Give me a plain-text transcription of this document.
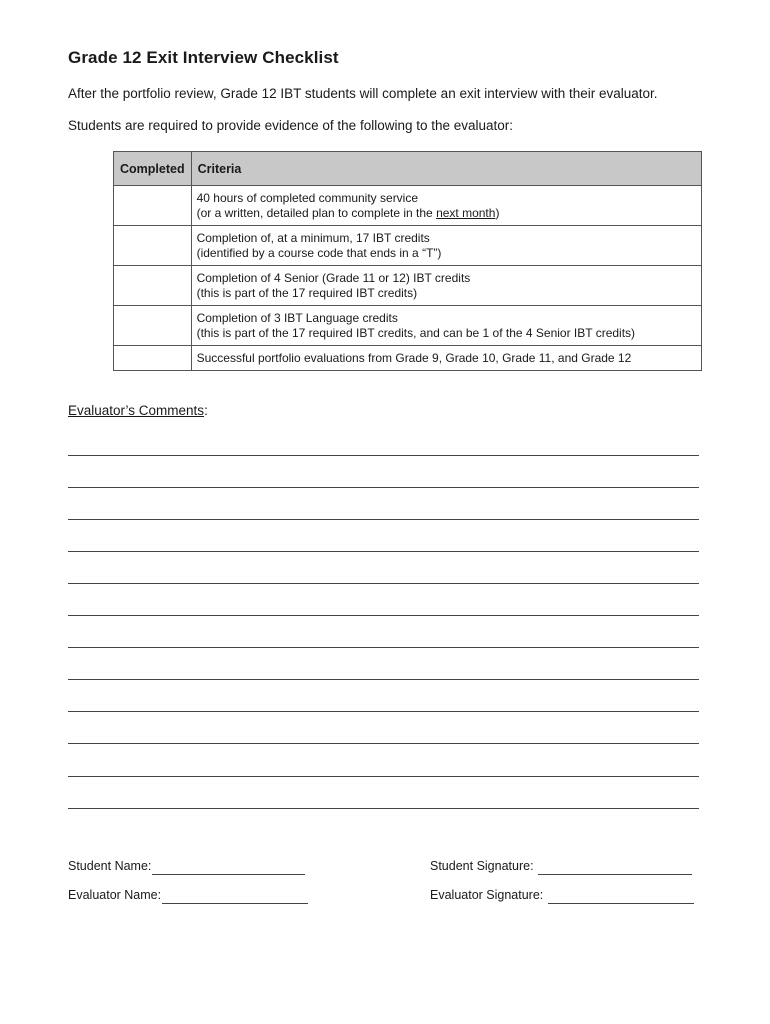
Grade 12 Exit Interview Checklist
After the portfolio review, Grade 12 IBT students will complete an exit interview with their evaluator.
Students are required to provide evidence of the following to the evaluator:
Completed	Criteria
	40 hours of completed community service
(or a written, detailed plan to complete in the next month)

	Completion of, at a minimum, 17 IBT credits
(identified by a course code that ends in a “T”)

	Completion of 4 Senior (Grade 11 or 12) IBT credits
(this is part of the 17 required IBT credits)

	Completion of 3 IBT Language credits
(this is part of the 17 required IBT credits, and can be 1 of the 4 Senior IBT credits)

	Successful portfolio evaluations from Grade 9, Grade 10, Grade 11, and Grade 12
Evaluator’s Comments:
Student Name:	Student Signature:
Evaluator Name:	Evaluator Signature:
